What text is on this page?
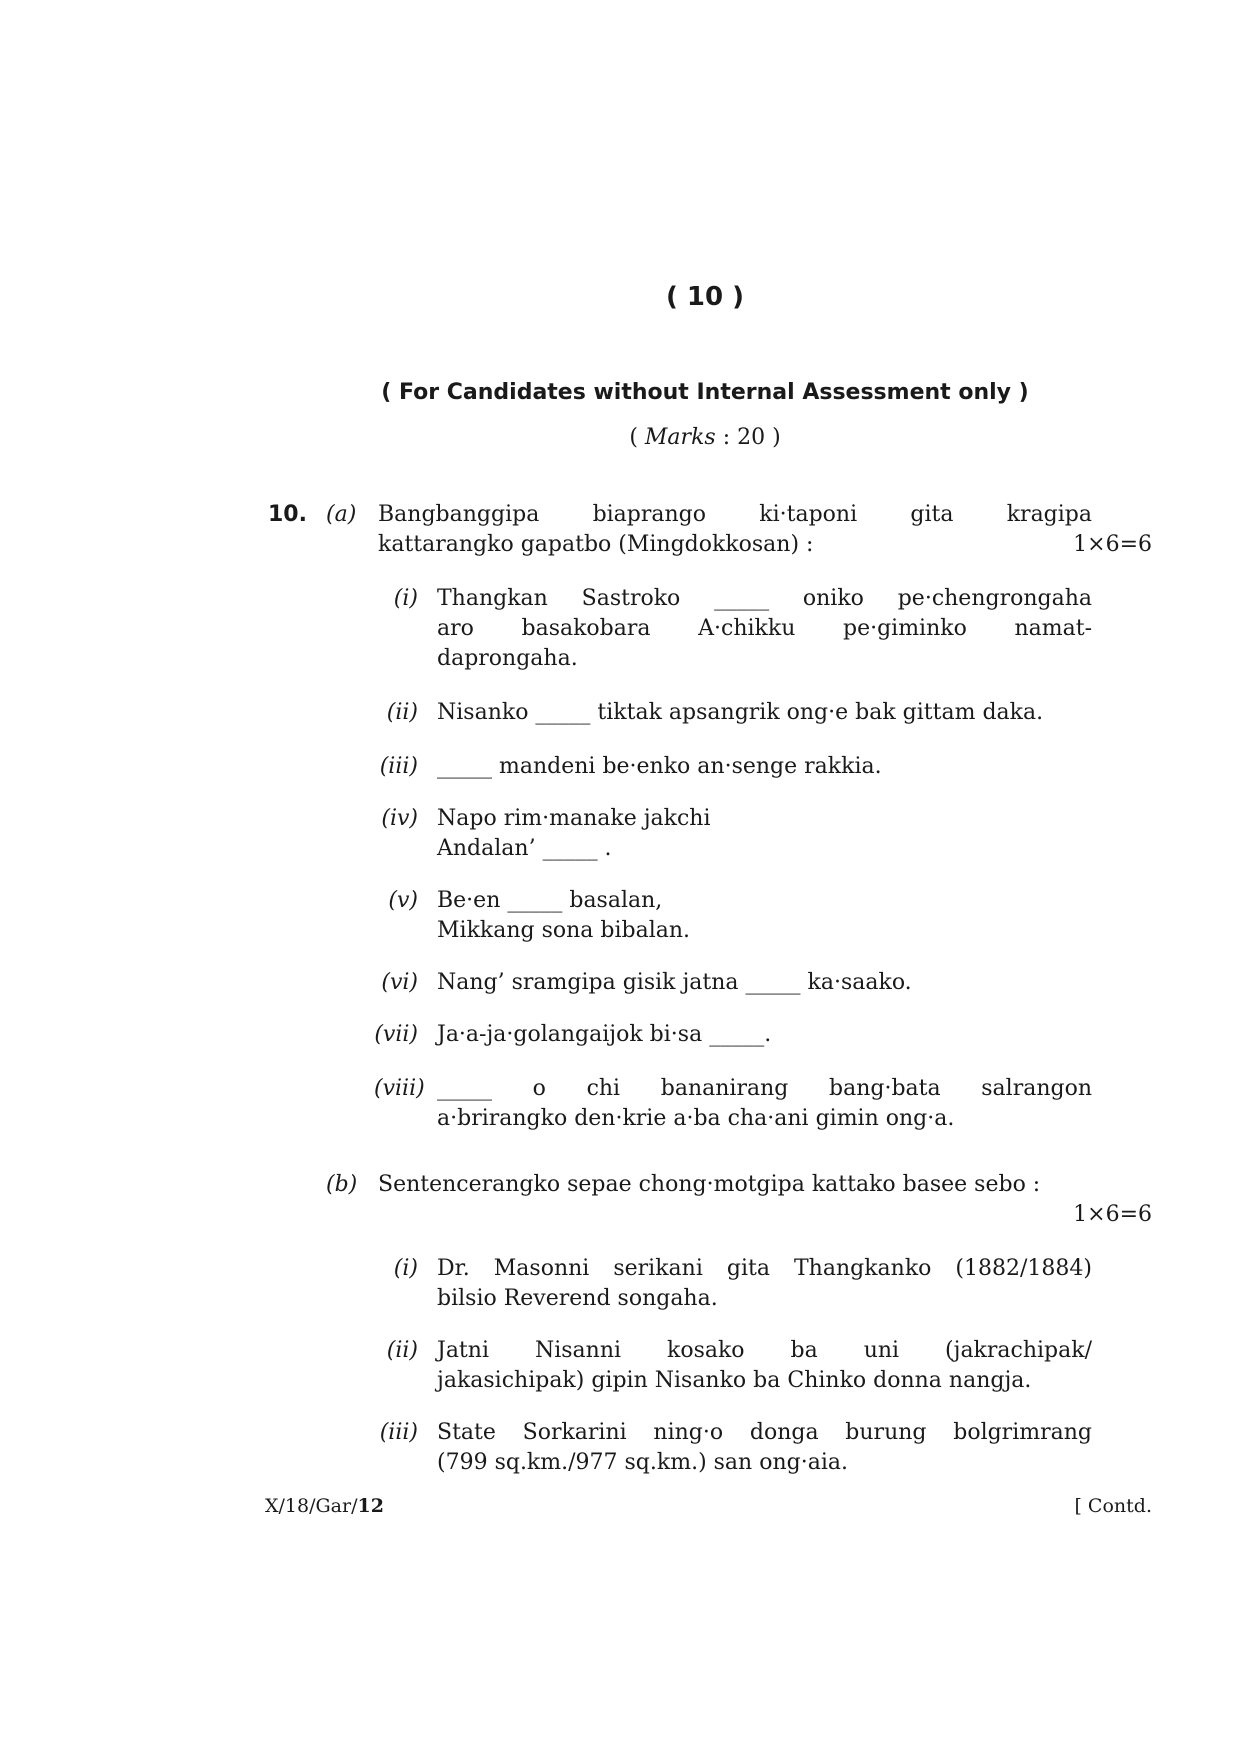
( 10 )
( For Candidates without Internal Assessment only )
( Marks : 20 )
10. (a) Bangbanggipa biaprango ki·taponi gita kragipa
kattarangko gapatbo (Mingdokkosan) :	1×6=6
(i) Thangkan Sastroko _____ oniko pe·chengrongaha
aro basakobara A·chikku pe·giminko namat-
daprongaha.
(ii) Nisanko _____ tiktak apsangrik ong·e bak gittam daka.
(iii) _____ mandeni be·enko an·senge rakkia.
(iv) Napo rim·manake jakchi
Andalan’ _____ .
(v) Be·en _____ basalan,
Mikkang sona bibalan.
(vi) Nang’ sramgipa gisik jatna _____ ka·saako.
(vii) Ja·a-ja·golangaijok bi·sa _____.
(viii) _____ o chi bananirang bang·bata salrangon
a·brirangko den·krie a·ba cha·ani gimin ong·a.
(b) Sentencerangko sepae chong·motgipa kattako basee sebo :
1×6=6
(i) Dr. Masonni serikani gita Thangkanko (1882/1884)
bilsio Reverend songaha.
(ii) Jatni Nisanni kosako ba uni (jakrachipak/
jakasichipak) gipin Nisanko ba Chinko donna nangja.
(iii) State Sorkarini ning·o donga burung bolgrimrang
(799 sq.km./977 sq.km.) san ong·aia.
X/18/Gar/12	[ Contd.
